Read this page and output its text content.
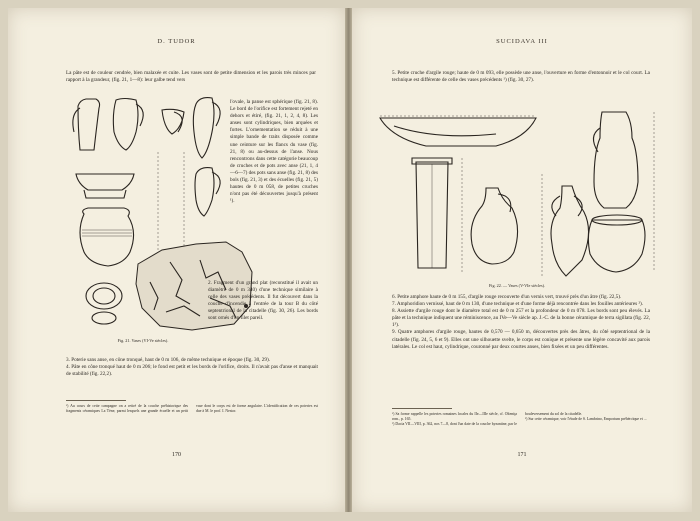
D. TUDOR

La pâte est de couleur cendrée, bien malaxée et cuite. Les vases sont de petite dimension et les parois très minces par rapport à la grandeur, (fig. 21, 1—8): leur galbe tend vers

l'ovale, la panse est sphérique (fig. 21, 8). Le bord de l'orifice est fortement rejeté en dehors et étiré, (fig. 21, 1, 2, 4, 8). Les anses sont cylindriques, bien arquées et fortes. L'ornementation se réduit à une simple bande de traits disposée comme une ceinture sur les flancs du vase (fig. 21, 8) ou au-dessus de l'anse. Nous rencontrons dans cette catégorie beaucoup de cruches et de pots avec anse (21, 1, 4—6—7) des pots sans anse (fig. 21, 8) des bols (fig. 21, 3) et des écuelles (fig. 21, 5) hautes de 0 m 058, de petites cruches n'ont pas été découvertes jusqu'à présent ¹).

2. Fragment d'un grand plat (reconstitué il avait un diamètre de 0 m 340) d'une technique similaire à celle des vases précédents. Il fut découvert dans la couche d'incendie à l'entrée de la tour B du côté septentrional de la citadelle (fig. 30, 26). Les bords sont ornés d'un filet pareil.

Fig. 21. Vases (VI-Ve siècles).

3. Poterie sans anse, en cône tronqué, haut de 0 m 106, de même technique et époque (fig. 30, 29).
4. Pâte en cône tronqué haut de 0 m 206; le fond est petit et les bords de l'orifice, droits. Il n'avait pas d'anse et manquait de stabilité (fig. 22,2).

¹) Au cours de cette campagne on a retiré de la couche préhistorique des fragments céramiques La Tène, parmi lesquels une grande écuelle et un petit vase dont le corps est de forme angulaire. L'identification de ces poteries est due à M. le prof. I. Nestor.
170
SUCIDAVA III

5. Petite cruche d'argile rouge; haute de 0 m 093, elle possède une anse, l'ouverture en forme d'entonnoir et le col court. La technique est différente de celle des vases précédents ¹) (fig. 30, 27).

Fig. 22. — Vases (V-VIe siècles).

6. Petite amphore haute de 0 m 155, d'argile rouge recouverte d'un vernis vert, trouvé près d'un âtre (fig. 22,5).
7. Amphoridion vernissé, haut de 0 m 130, d'une technique et d'une forme déjà rencontrée dans les fouilles antérieures ²).
8. Assiette d'argile rouge dont le diamètre total est de 0 m 257 et la profondeur de 0 m 078. Les bords sont peu élevés. La pâte et la technique indiquent une réminiscence, au IVe—Ve siècle ap. J.-C. de la bonne céramique de terra sigillata (fig. 22, 1³).
9. Quatre amphores d'argile rouge, hautes de 0,570 — 0,650 m, découvertes près des âtres, du côté septentrional de la citadelle (fig. 24, 5, 6 et 9). Elles ont une silhouette svelte, le corps est conique et présente une légère concavité aux parois latérales. Le col est haut, cylindrique, couronné par deux courtes anses, bien fixées et un peu différentes.

¹) Sa forme rappelle les poteries romaines locales du IIe—IIIe siècle, cf. Olteniţa rom., p. 165.
²) Dacia VII—VIII, p. 362, nos 7—8, dont l'un date de la couche byzantine, par le bouleversement du sol de la citadelle.
³) Sur cette céramique, voir l'étude de S. Lambrino, Emporium préhéroïque et ...
171
